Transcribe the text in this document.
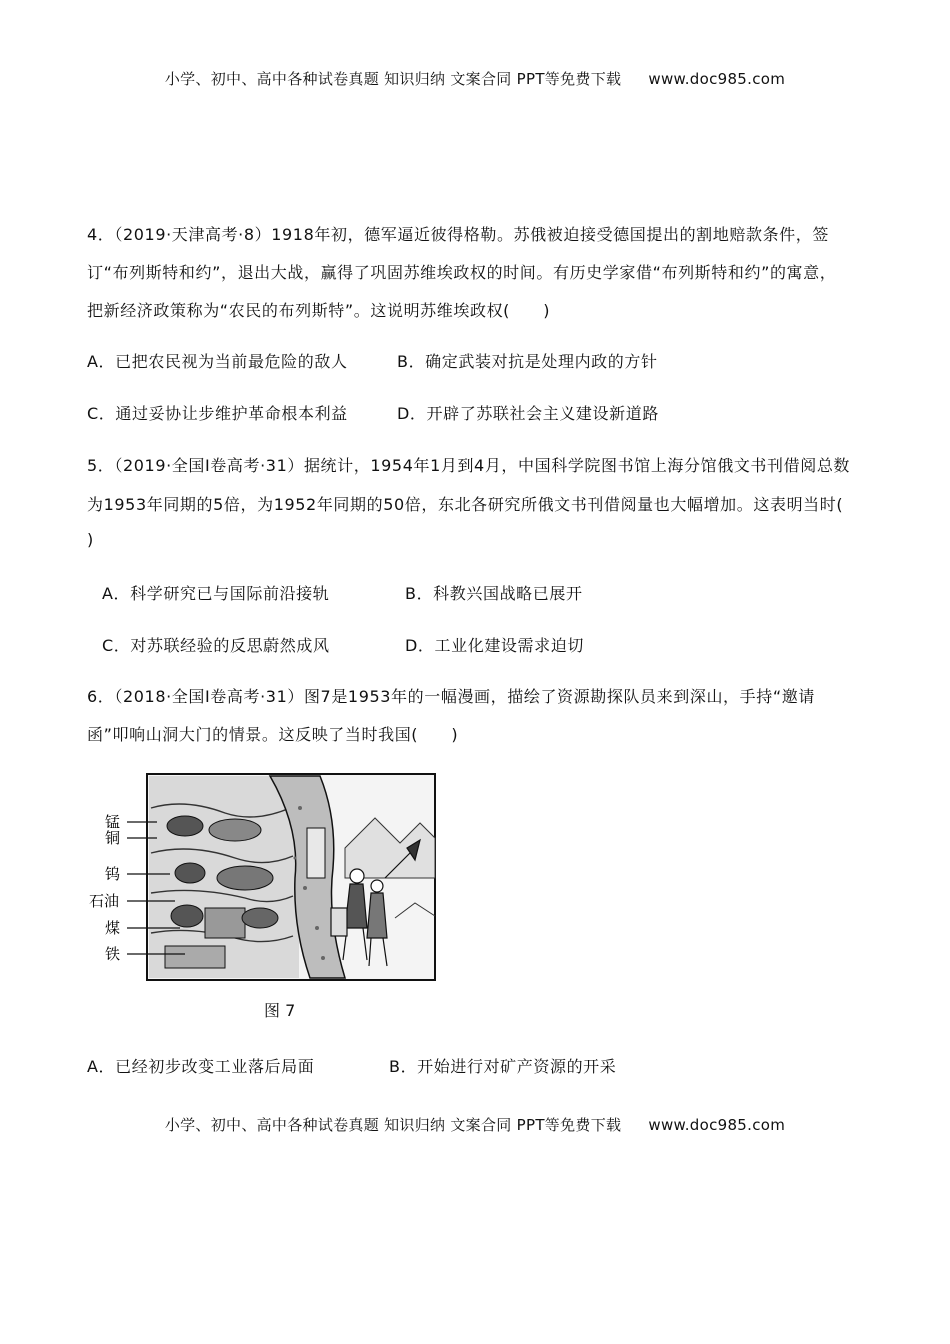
小学、初中、高中各种试卷真题 知识归纳 文案合同 PPT等免费下载 www.doc985.com
4．（2019·天津高考·8）1918年初，德军逼近彼得格勒。苏俄被迫接受德国提出的割地赔款条件，签
订“布列斯特和约”，退出大战，赢得了巩固苏维埃政权的时间。有历史学家借“布列斯特和约”的寓意，
把新经济政策称为“农民的布列斯特”。这说明苏维埃政权(　　)
A．已把农民视为当前最危险的敌人	B．确定武装对抗是处理内政的方针
C．通过妥协让步维护革命根本利益	D．开辟了苏联社会主义建设新道路
5．（2019·全国Ⅰ卷高考·31）据统计，1954年1月到4月，中国科学院图书馆上海分馆俄文书刊借阅总数
为1953年同期的5倍，为1952年同期的50倍，东北各研究所俄文书刊借阅量也大幅增加。这表明当时(
)
A．科学研究已与国际前沿接轨	B．科教兴国战略已展开
C．对苏联经验的反思蔚然成风	D．工业化建设需求迫切
6．（2018·全国Ⅰ卷高考·31）图7是1953年的一幅漫画，描绘了资源勘探队员来到深山，手持“邀请
函”叩响山洞大门的情景。这反映了当时我国(　　)
锰
铜
钨
石油
煤
铁
图 7
A．已经初步改变工业落后局面	B．开始进行对矿产资源的开采
小学、初中、高中各种试卷真题 知识归纳 文案合同 PPT等免费下载 www.doc985.com
